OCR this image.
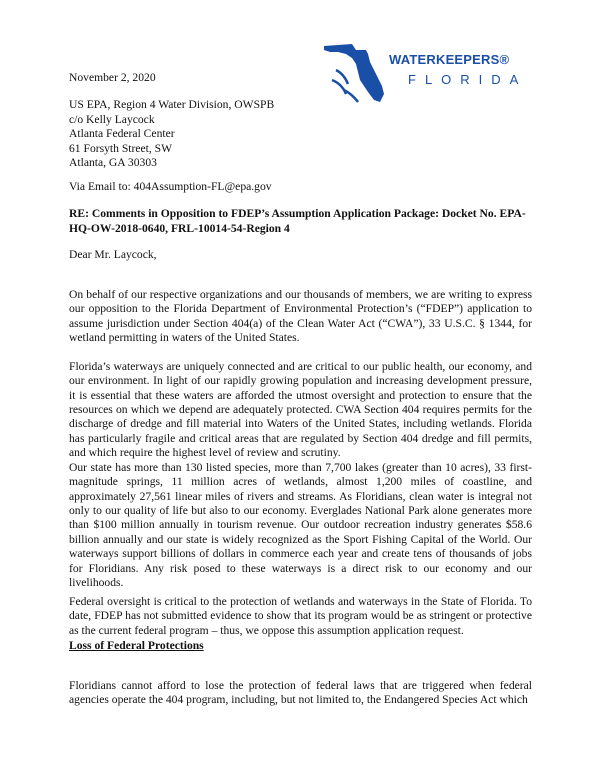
WATERKEEPERS®
FLORIDA
November 2, 2020
US EPA, Region 4 Water Division, OWSPB
c/o Kelly Laycock
Atlanta Federal Center
61 Forsyth Street, SW
Atlanta, GA 30303
Via Email to: 404Assumption-FL@epa.gov
RE: Comments in Opposition to FDEP’s Assumption Application Package: Docket No. EPA-HQ-OW-2018-0640, FRL-10014-54-Region 4
Dear Mr. Laycock,

On behalf of our respective organizations and our thousands of members, we are writing to express our opposition to the Florida Department of Environmental Protection’s (“FDEP”) application to assume jurisdiction under Section 404(a) of the Clean Water Act (“CWA”), 33 U.S.C. § 1344, for wetland permitting in waters of the United States.

Florida’s waterways are uniquely connected and are critical to our public health, our economy, and our environment. In light of our rapidly growing population and increasing development pressure, it is essential that these waters are afforded the utmost oversight and protection to ensure that the resources on which we depend are adequately protected. CWA Section 404 requires permits for the discharge of dredge and fill material into Waters of the United States, including wetlands. Florida has particularly fragile and critical areas that are regulated by Section 404 dredge and fill permits, and which require the highest level of review and scrutiny.

Our state has more than 130 listed species, more than 7,700 lakes (greater than 10 acres), 33 first-magnitude springs, 11 million acres of wetlands, almost 1,200 miles of coastline, and approximately 27,561 linear miles of rivers and streams. As Floridians, clean water is integral not only to our quality of life but also to our economy. Everglades National Park alone generates more than $100 million annually in tourism revenue. Our outdoor recreation industry generates $58.6 billion annually and our state is widely recognized as the Sport Fishing Capital of the World. Our waterways support billions of dollars in commerce each year and create tens of thousands of jobs for Floridians. Any risk posed to these waterways is a direct risk to our economy and our livelihoods.

Federal oversight is critical to the protection of wetlands and waterways in the State of Florida. To date, FDEP has not submitted evidence to show that its program would be as stringent or protective as the current federal program – thus, we oppose this assumption application request.

Loss of Federal Protections

Floridians cannot afford to lose the protection of federal laws that are triggered when federal agencies operate the 404 program, including, but not limited to, the Endangered Species Act which
